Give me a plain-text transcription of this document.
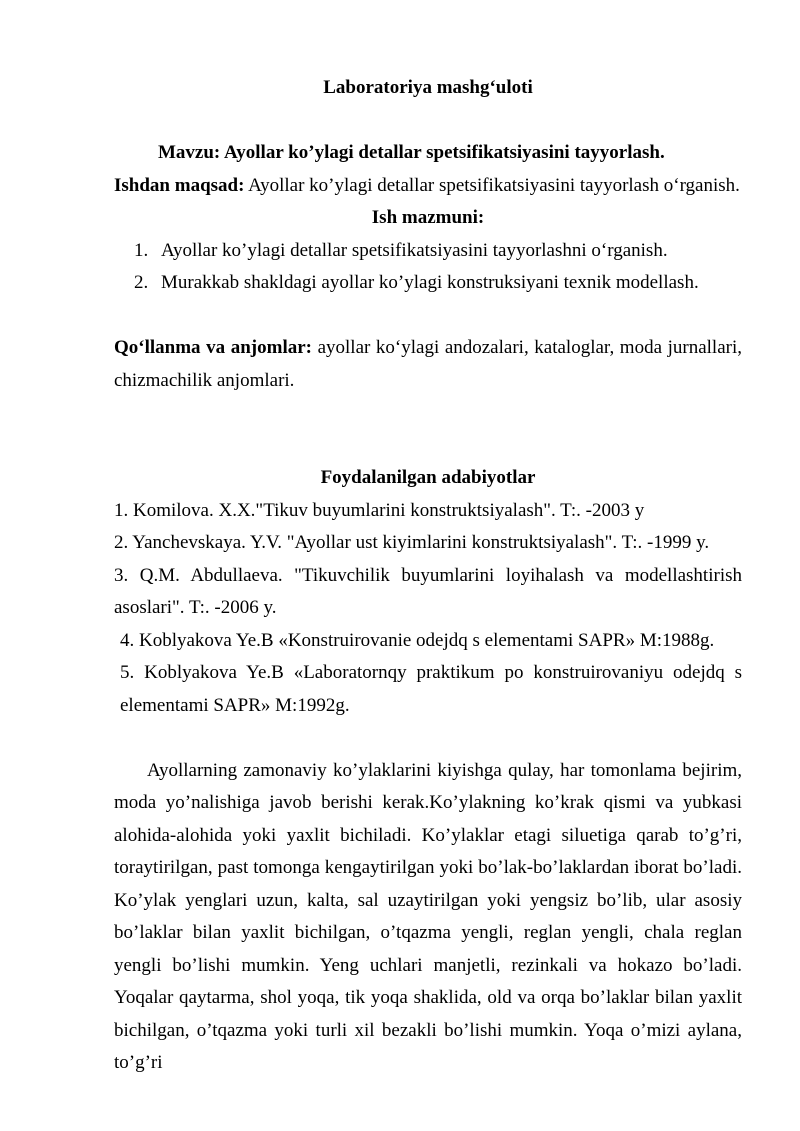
Laboratoriya mashg‘uloti
Mavzu: Ayollar ko’ylagi detallar spetsifikatsiyasini tayyorlash.
Ishdan maqsad: Ayollar ko’ylagi detallar spetsifikatsiyasini tayyorlash o‘rganish.
Ish mazmuni:
1. Ayollar ko’ylagi detallar spetsifikatsiyasini tayyorlashni o‘rganish.
2. Murakkab shakldagi ayollar ko’ylagi konstruksiyani texnik modellash.
Qo‘llanma va anjomlar: ayollar ko‘ylagi andozalari, kataloglar, moda jurnallari, chizmachilik anjomlari.
Foydalanilgan adabiyotlar
1. Komilova. X.X."Tikuv buyumlarini konstruktsiyalash". T:. -2003 y
2. Yanchevskaya. Y.V. "Ayollar ust kiyimlarini konstruktsiyalash". T:. -1999 y.
3. Q.M. Abdullaeva. "Tikuvchilik buyumlarini loyihalash va modellashtirish asoslari". T:. -2006 y.
4. Koblyakova Ye.B «Konstruirovanie odejdq s elementami SAPR» M:1988g.
5. Koblyakova Ye.B «Laboratornqy praktikum po konstruirovaniyu odejdq s elementami SAPR» M:1992g.
Ayollarning zamonaviy ko’ylaklarini kiyishga qulay, har tomonlama bejirim, moda yo’nalishiga javob berishi kerak.Ko’ylakning ko’krak qismi va yubkasi alohida-alohida yoki yaxlit bichiladi. Ko’ylaklar etagi siluetiga qarab to’g’ri, toraytirilgan, past tomonga kengaytirilgan yoki bo’lak-bo’laklardan iborat bo’ladi. Ko’ylak yenglari uzun, kalta, sal uzaytirilgan yoki yengsiz bo’lib, ular asosiy bo’laklar bilan yaxlit bichilgan, o’tqazma yengli, reglan yengli, chala reglan yengli bo’lishi mumkin. Yeng uchlari manjetli, rezinkali va hokazo bo’ladi. Yoqalar qaytarma, shol yoqa, tik yoqa shaklida, old va orqa bo’laklar bilan yaxlit bichilgan, o’tqazma yoki turli xil bezakli bo’lishi mumkin. Yoqa o’mizi aylana, to’g’ri
